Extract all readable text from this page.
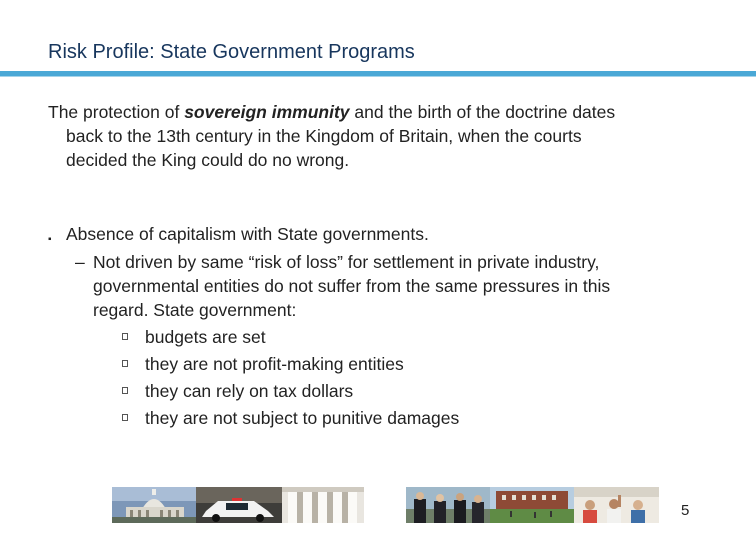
Risk Profile: State Government Programs
The protection of sovereign immunity and the birth of the doctrine dates
back to the 13th century in the Kingdom of Britain, when the courts
decided the King could do no wrong.
▪ Absence of capitalism with State governments.
– Not driven by same “risk of loss” for settlement in private industry,
governmental entities do not suffer from the same pressures in this
regard. State government:
budgets are set
they are not profit-making entities
they can rely on tax dollars
they are not subject to punitive damages
5
